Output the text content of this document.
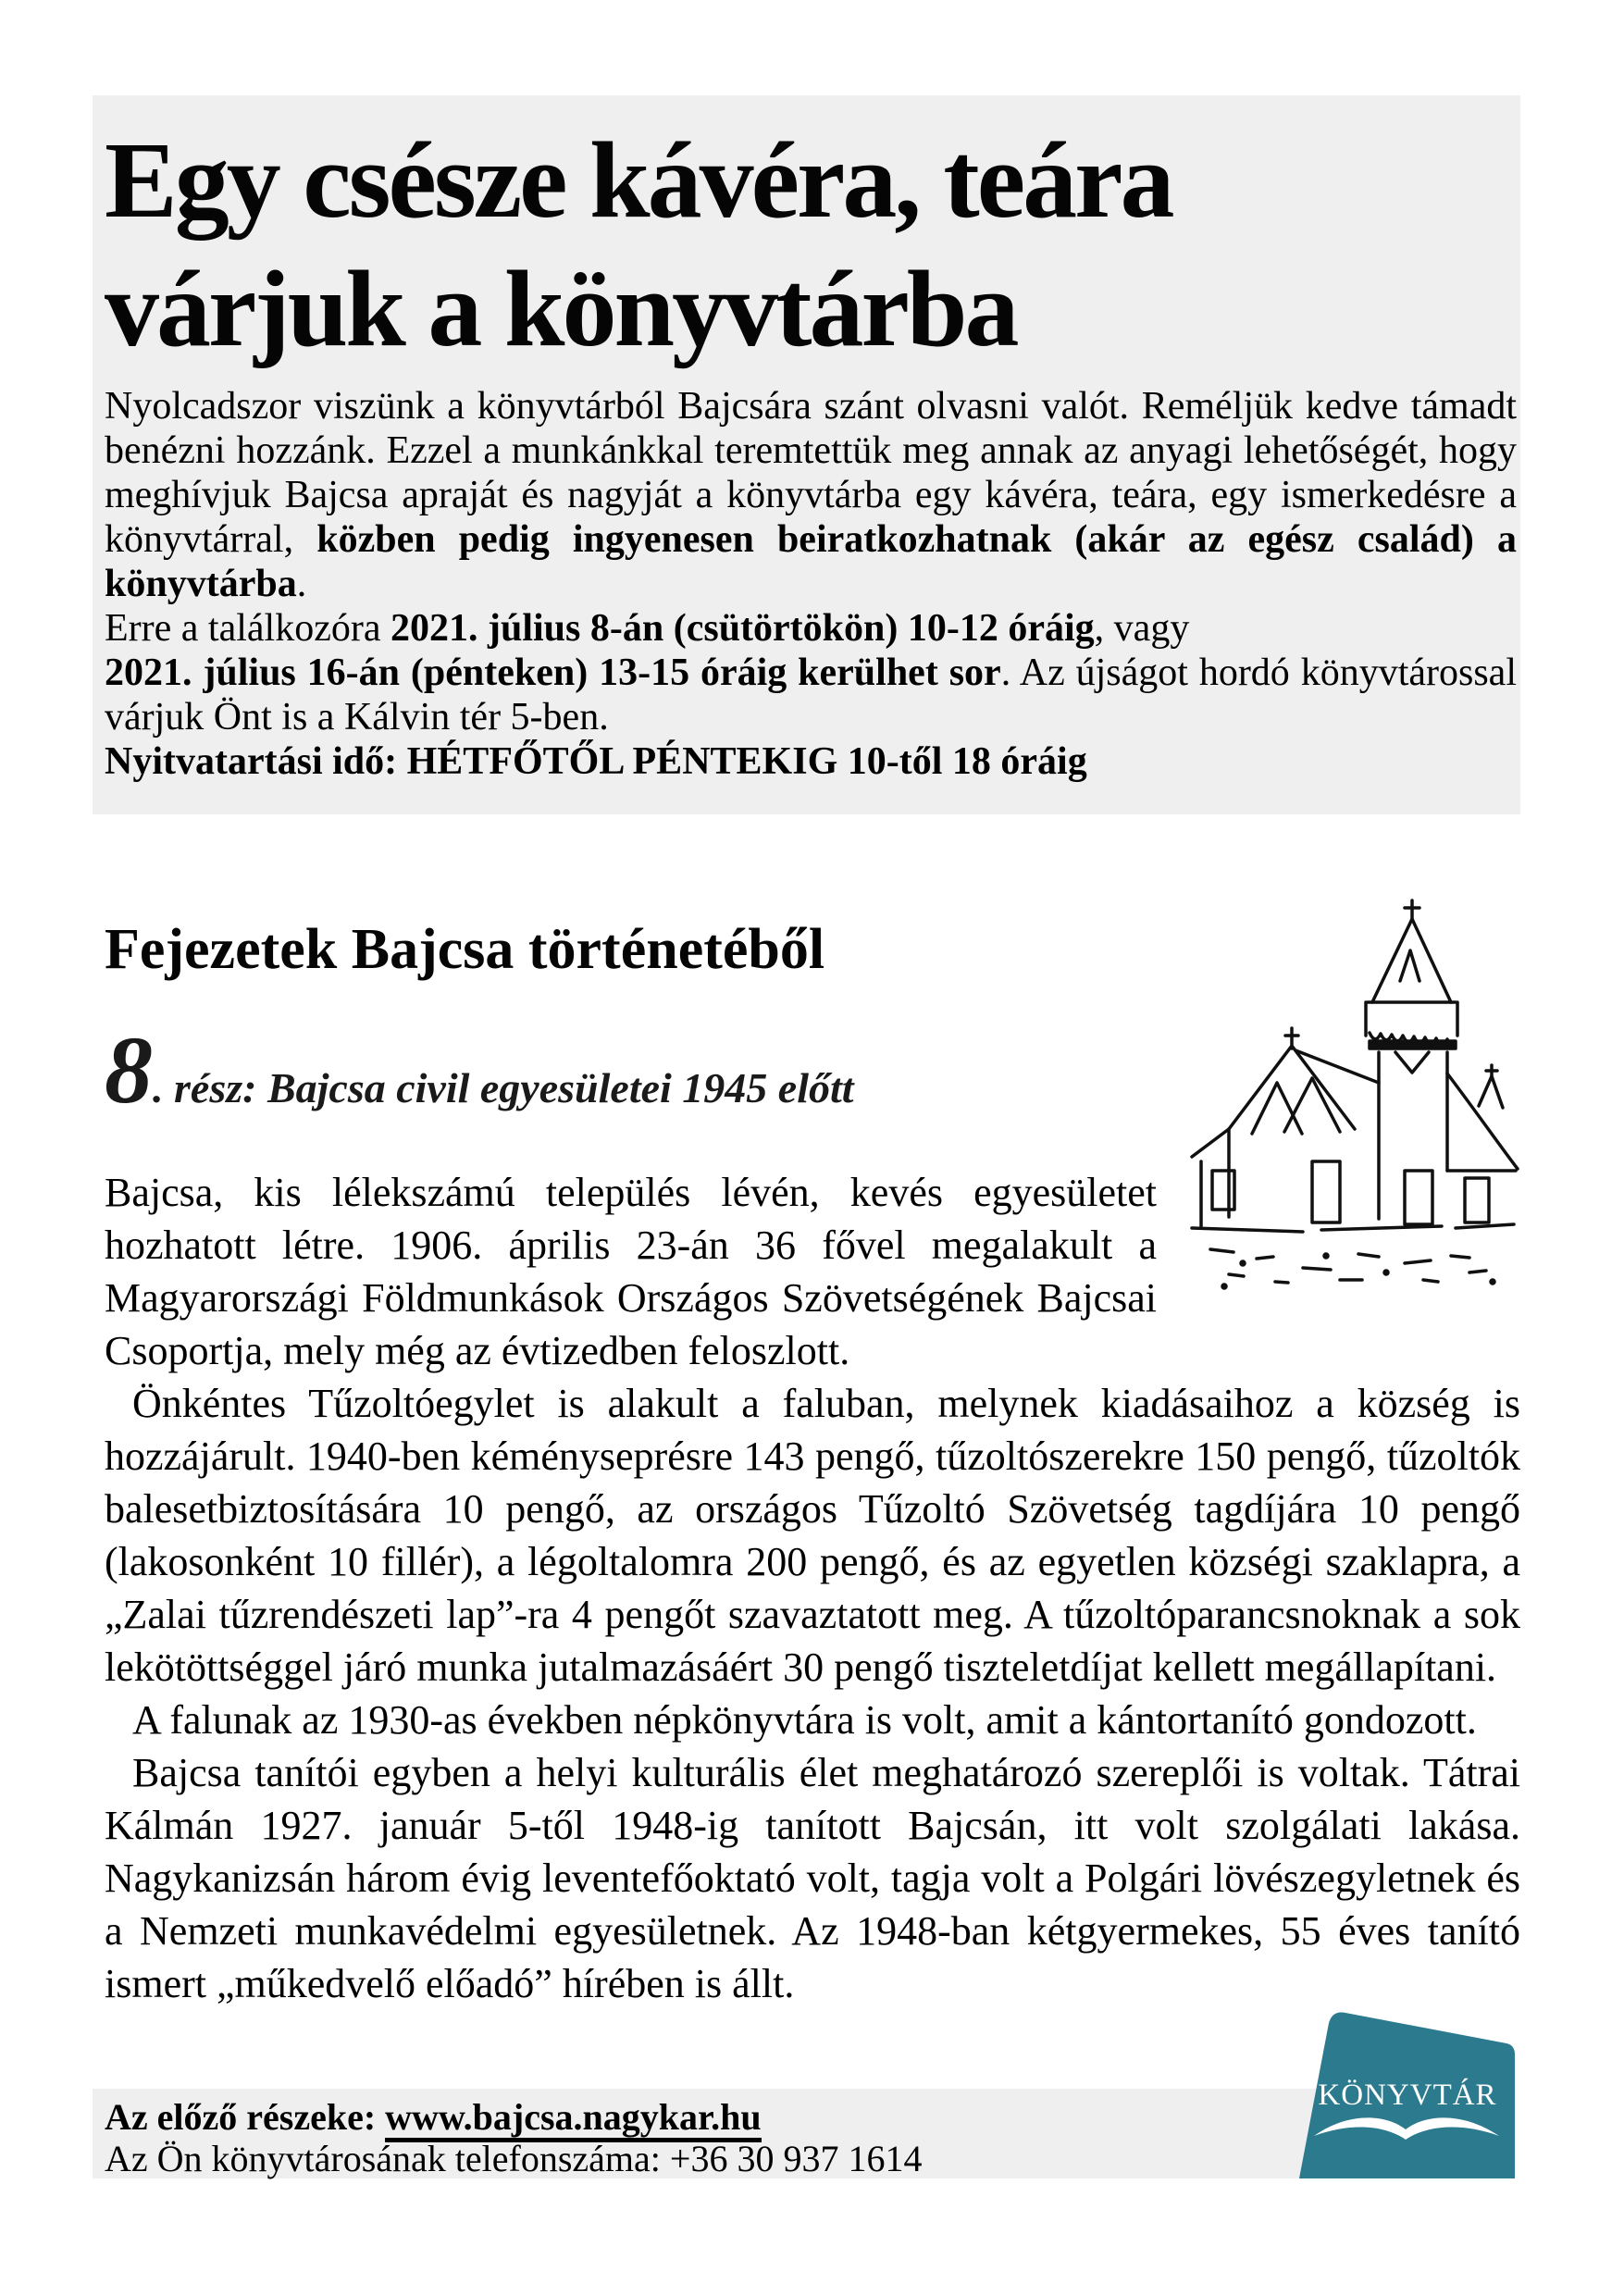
Egy csésze kávéra, teára
várjuk a könyvtárba

Nyolcadszor viszünk a könyvtárból Bajcsára szánt olvasni valót. Reméljük kedve támadt benézni hozzánk. Ezzel a munkánkkal teremtettük meg annak az anyagi lehetőségét, hogy meghívjuk Bajcsa apraját és nagyját a könyvtárba egy kávéra, teára, egy ismerkedésre a könyvtárral, közben pedig ingyenesen beiratkozhatnak (akár az egész család) a könyvtárba.

Erre a találkozóra 2021. július 8-án (csütörtökön) 10-12 óráig, vagy

2021. július 16-án (pénteken) 13-15 óráig kerülhet sor. Az újságot hordó könyvtárossal várjuk Önt is a Kálvin tér 5-ben.

Nyitvatartási idő: HÉTFŐTŐL PÉNTEKIG 10-től 18 óráig

Fejezetek Bajcsa történetéből
8. rész: Bajcsa civil egyesületei 1945 előtt

Bajcsa, kis lélekszámú település lévén, kevés egyesületet hozhatott létre. 1906. április 23-án 36 fővel megalakult a Magyarországi Földmunkások Országos Szövetségének Bajcsai Csoportja, mely még az évtizedben feloszlott.

Önkéntes Tűzoltóegylet is alakult a faluban, melynek kiadásaihoz a község is hozzájárult. 1940-ben kéményseprésre 143 pengő, tűzoltószerekre 150 pengő, tűzoltók balesetbiztosítására 10 pengő, az országos Tűzoltó Szövetség tagdíjára 10 pengő (lakosonként 10 fillér), a légoltalomra 200 pengő, és az egyetlen községi szaklapra, a „Zalai tűzrendészeti lap”-ra 4 pengőt szavaztatott meg. A tűzoltóparancsnoknak a sok lekötöttséggel járó munka jutalmazásáért 30 pengő tiszteletdíjat kellett megállapítani.

A falunak az 1930-as években népkönyvtára is volt, amit a kántortanító gondozott.

Bajcsa tanítói egyben a helyi kulturális élet meghatározó szereplői is voltak. Tátrai Kálmán 1927. január 5-től 1948-ig tanított Bajcsán, itt volt szolgálati lakása. Nagykanizsán három évig leventefőoktató volt, tagja volt a Polgári lövészegyletnek és a Nemzeti munkavédelmi egyesületnek. Az 1948-ban kétgyermekes, 55 éves tanító ismert „műkedvelő előadó” hírében is állt.

Az előző részeke: www.bajcsa.nagykar.hu

Az Ön könyvtárosának telefonszáma: +36 30 937 1614

KÖNYVTÁR
